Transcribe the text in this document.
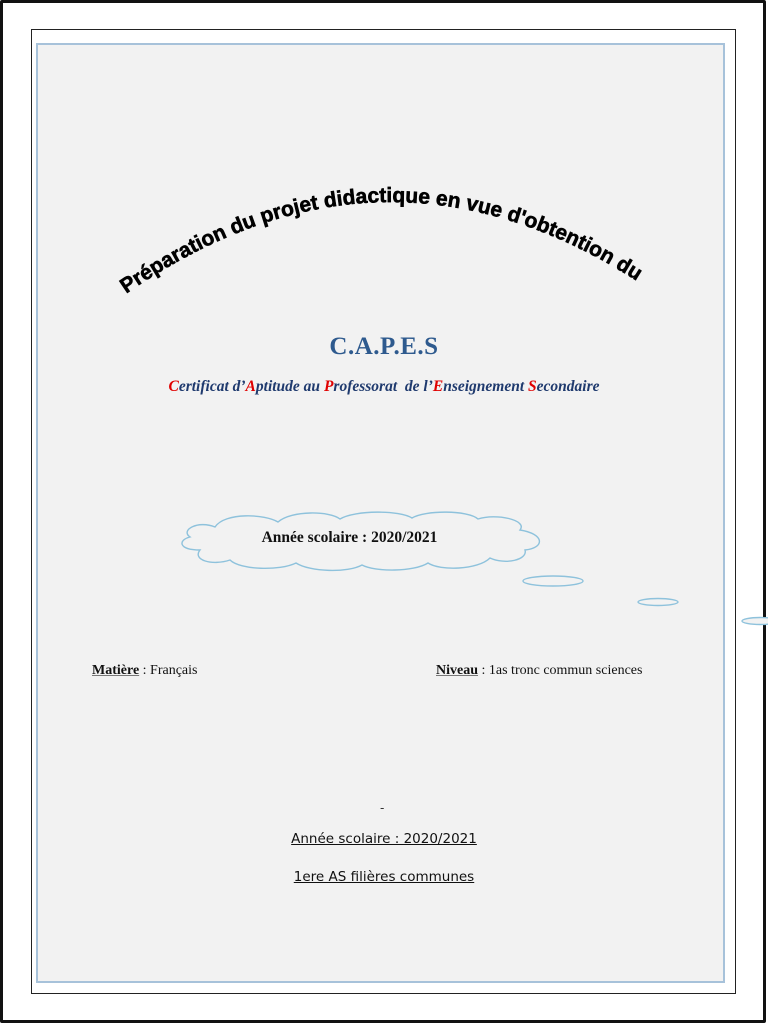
Préparation du projet didactique en vue d'obtention du
C.A.P.E.S
Certificat d’Aptitude au Professorat  de l’Enseignement Secondaire
Année scolaire : 2020/2021
Matière : Français	Niveau : 1as tronc commun sciences
-
Année scolaire : 2020/2021
1ere AS filières communes
